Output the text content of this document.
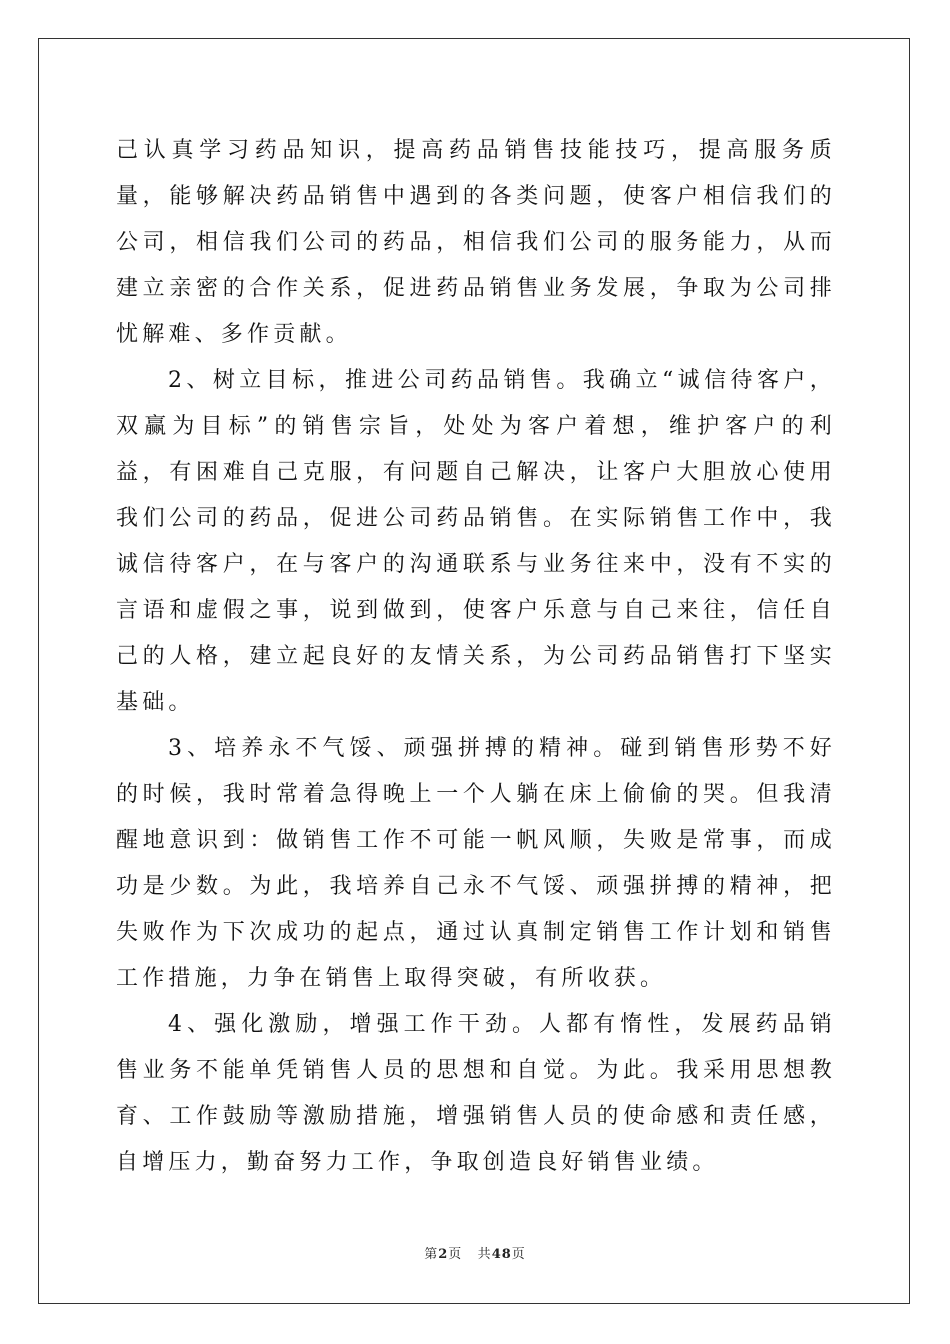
己认真学习药品知识，提高药品销售技能技巧，提高服务质量，能够解决药品销售中遇到的各类问题，使客户相信我们的公司，相信我们公司的药品，相信我们公司的服务能力，从而建立亲密的合作关系，促进药品销售业务发展，争取为公司排忧解难、多作贡献。

2、树立目标，推进公司药品销售。我确立“诚信待客户，双赢为目标”的销售宗旨，处处为客户着想，维护客户的利益，有困难自己克服，有问题自己解决，让客户大胆放心使用我们公司的药品，促进公司药品销售。在实际销售工作中，我诚信待客户，在与客户的沟通联系与业务往来中，没有不实的言语和虚假之事，说到做到，使客户乐意与自己来往，信任自己的人格，建立起良好的友情关系，为公司药品销售打下坚实基础。

3、培养永不气馁、顽强拼搏的精神。碰到销售形势不好的时候，我时常着急得晚上一个人躺在床上偷偷的哭。但我清醒地意识到：做销售工作不可能一帆风顺，失败是常事，而成功是少数。为此，我培养自己永不气馁、顽强拼搏的精神，把失败作为下次成功的起点，通过认真制定销售工作计划和销售工作措施，力争在销售上取得突破，有所收获。

4、强化激励，增强工作干劲。人都有惰性，发展药品销售业务不能单凭销售人员的思想和自觉。为此。我采用思想教育、工作鼓励等激励措施，增强销售人员的使命感和责任感，自增压力，勤奋努力工作，争取创造良好销售业绩。

第2页 共48页
